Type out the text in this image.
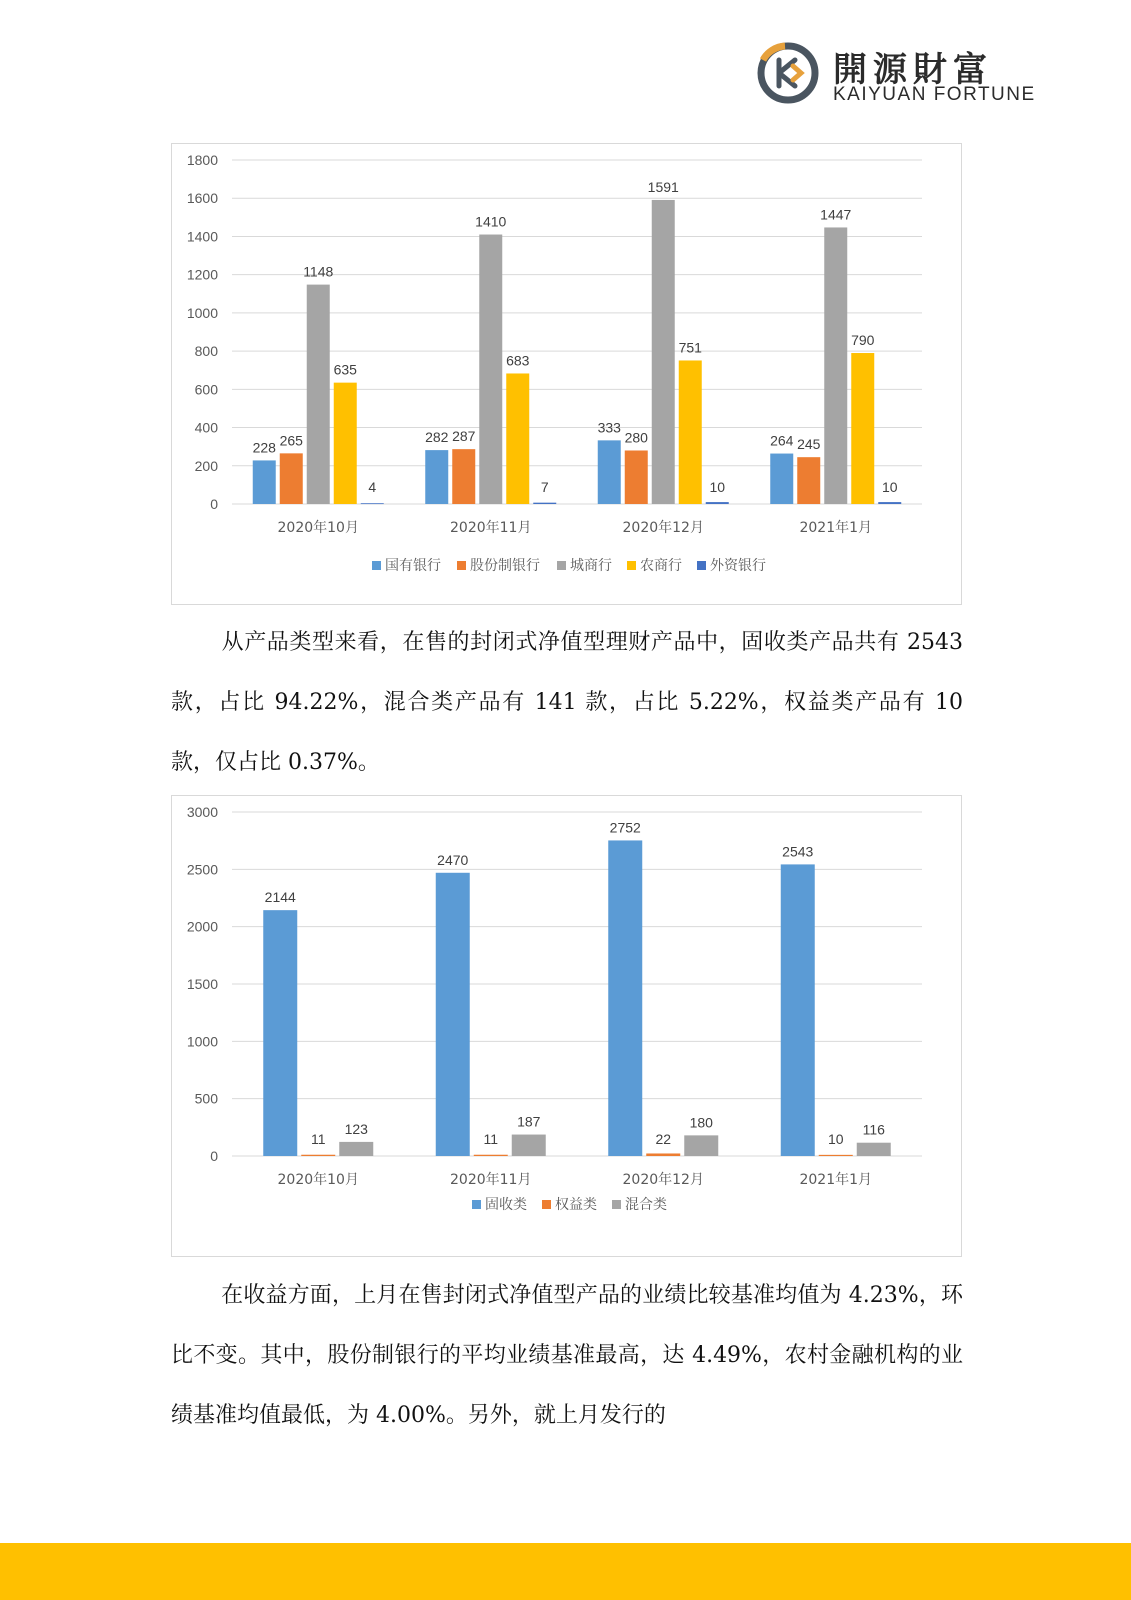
開源財富
KAIYUAN FORTUNE
0
200
400
600
800
1000
1200
1400
1600
1800
2020年10月
228 265
1148
635
4
2020年11月
282 287
1410
683
7
2020年12月
333
280
1591
751
10
2021年1月
264 245
1447
790
10
国有银行 股份制银行 城商行 农商行 外资银行
从产品类型来看，在售的封闭式净值型理财产品中，固收类产品共有 2543 款，占比 94.22%，混合类产品有 141 款，占比 5.22%，权益类产品有 10 款，仅占比 0.37%。
0
500
1000
1500
2000
2500
3000
2020年10月
2144
11
123
2020年11月
2470
11
187
2020年12月
2752
22
180
2021年1月
2543
10
116
固收类 权益类 混合类
在收益方面，上月在售封闭式净值型产品的业绩比较基准均值为 4.23%，环比不变。其中，股份制银行的平均业绩基准最高，达 4.49%，农村金融机构的业绩基准均值最低，为 4.00%。另外，就上月发行的
